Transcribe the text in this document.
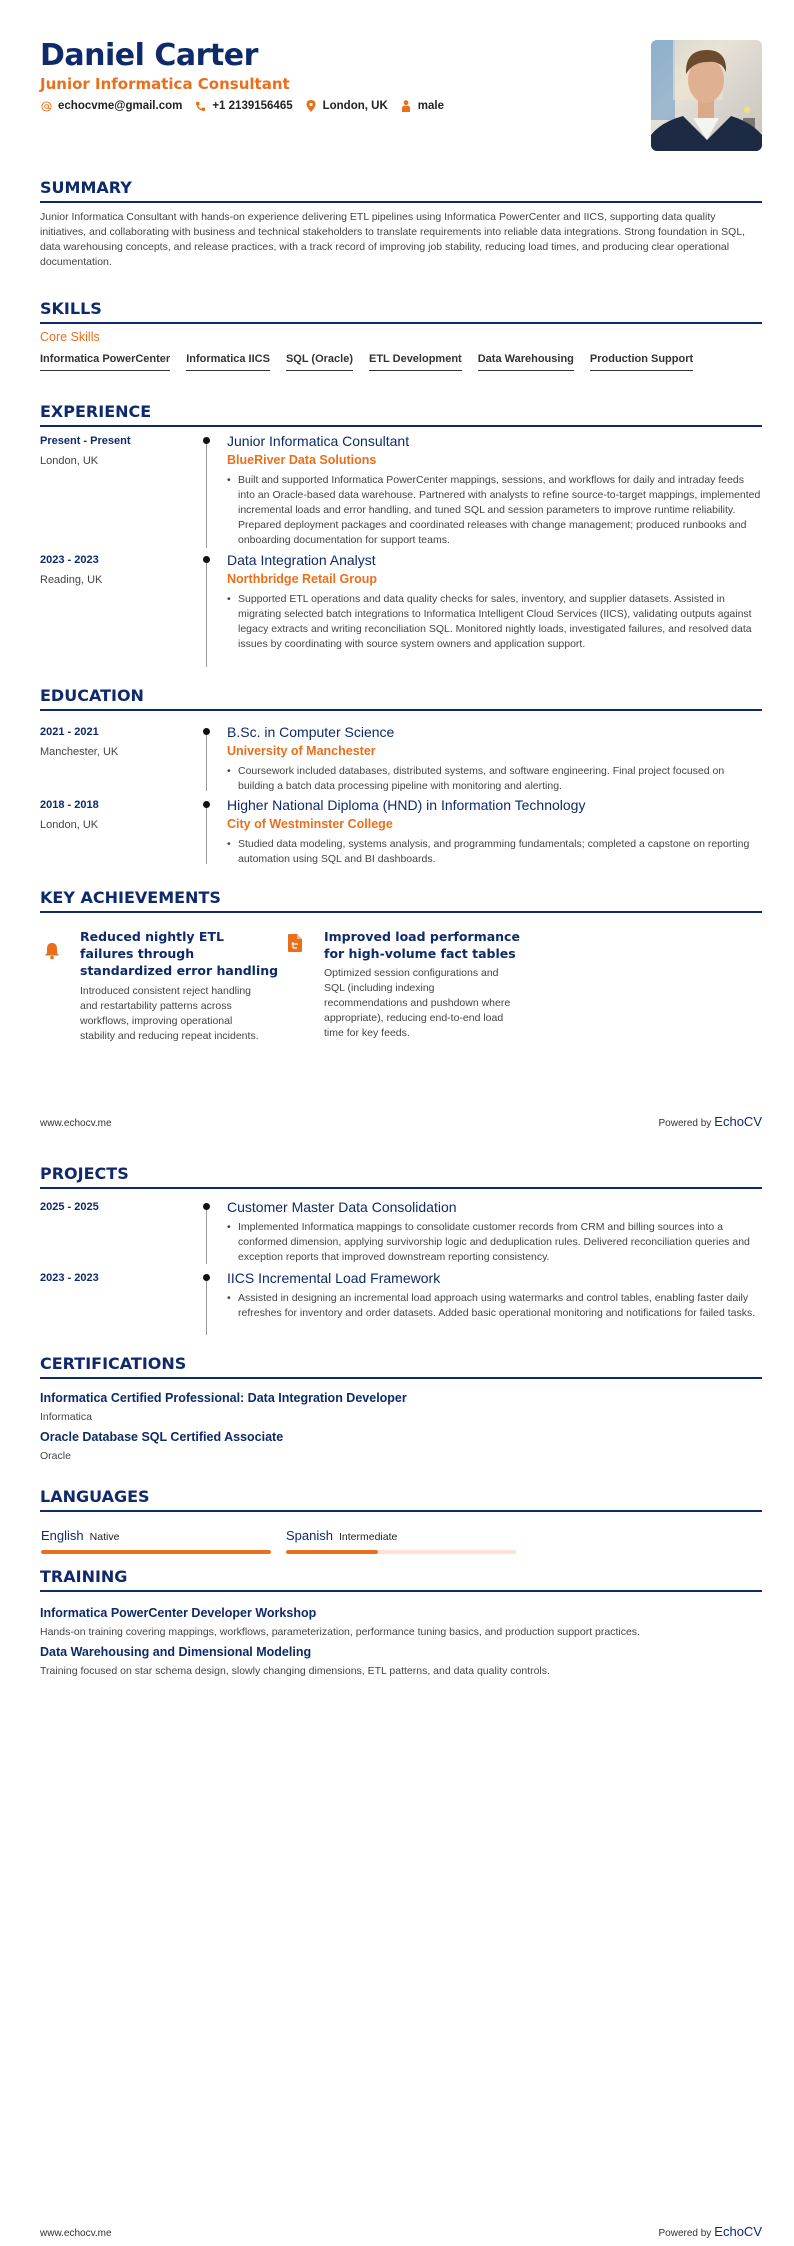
Daniel Carter
Junior Informatica Consultant
echocvme@gmail.com	+1 2139156465	London, UK	male
SUMMARY
Junior Informatica Consultant with hands-on experience delivering ETL pipelines using Informatica PowerCenter and IICS, supporting data quality initiatives, and collaborating with business and technical stakeholders to translate requirements into reliable data integrations. Strong foundation in SQL, data warehousing concepts, and release practices, with a track record of improving job stability, reducing load times, and producing clear operational documentation.
SKILLS
Core Skills
Informatica PowerCenter Informatica IICS SQL (Oracle) ETL Development Data Warehousing Production Support
EXPERIENCE
Present - Present
London, UK
Junior Informatica Consultant
BlueRiver Data Solutions
• Built and supported Informatica PowerCenter mappings, sessions, and workflows for daily and intraday feeds into an Oracle-based data warehouse. Partnered with analysts to refine source-to-target mappings, implemented incremental loads and error handling, and tuned SQL and session parameters to improve runtime reliability. Prepared deployment packages and coordinated releases with change management; produced runbooks and onboarding documentation for support teams.
2023 - 2023
Reading, UK
Data Integration Analyst
Northbridge Retail Group
• Supported ETL operations and data quality checks for sales, inventory, and supplier datasets. Assisted in migrating selected batch integrations to Informatica Intelligent Cloud Services (IICS), validating outputs against legacy extracts and writing reconciliation SQL. Monitored nightly loads, investigated failures, and resolved data issues by coordinating with source system owners and application support.
EDUCATION
2021 - 2021
Manchester, UK
B.Sc. in Computer Science
University of Manchester
• Coursework included databases, distributed systems, and software engineering. Final project focused on building a batch data processing pipeline with monitoring and alerting.
2018 - 2018
London, UK
Higher National Diploma (HND) in Information Technology
City of Westminster College
• Studied data modeling, systems analysis, and programming fundamentals; completed a capstone on reporting automation using SQL and BI dashboards.
KEY ACHIEVEMENTS
Reduced nightly ETL failures through standardized error handling
Introduced consistent reject handling and restartability patterns across workflows, improving operational stability and reducing repeat incidents.
Improved load performance for high-volume fact tables
Optimized session configurations and SQL (including indexing recommendations and pushdown where appropriate), reducing end-to-end load time for key feeds.
www.echocv.me	Powered by EchoCV
PROJECTS
2025 - 2025	Customer Master Data Consolidation
• Implemented Informatica mappings to consolidate customer records from CRM and billing sources into a conformed dimension, applying survivorship logic and deduplication rules. Delivered reconciliation queries and exception reports that improved downstream reporting consistency.
2023 - 2023	IICS Incremental Load Framework
• Assisted in designing an incremental load approach using watermarks and control tables, enabling faster daily refreshes for inventory and order datasets. Added basic operational monitoring and notifications for failed tasks.
CERTIFICATIONS
Informatica Certified Professional: Data Integration Developer
Informatica
Oracle Database SQL Certified Associate
Oracle
LANGUAGES
English Native	Spanish Intermediate
TRAINING
Informatica PowerCenter Developer Workshop
Hands-on training covering mappings, workflows, parameterization, performance tuning basics, and production support practices.
Data Warehousing and Dimensional Modeling
Training focused on star schema design, slowly changing dimensions, ETL patterns, and data quality controls.
www.echocv.me	Powered by EchoCV
